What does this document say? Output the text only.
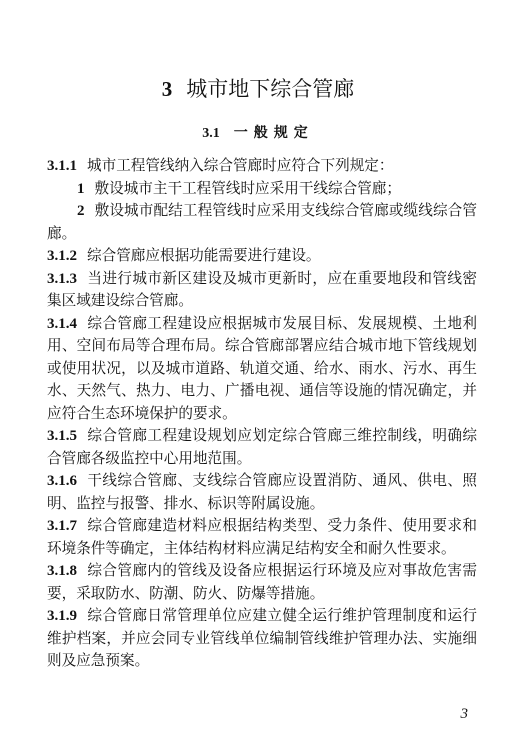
3 城市地下综合管廊
3.1 一般规定

3.1.1 城市工程管线纳入综合管廊时应符合下列规定：

1 敷设城市主干工程管线时应采用干线综合管廊；

2 敷设城市配结工程管线时应采用支线综合管廊或缆线综合管廊。

3.1.2 综合管廊应根据功能需要进行建设。

3.1.3 当进行城市新区建设及城市更新时，应在重要地段和管线密集区域建设综合管廊。

3.1.4 综合管廊工程建设应根据城市发展目标、发展规模、土地利用、空间布局等合理布局。综合管廊部署应结合城市地下管线规划或使用状况，以及城市道路、轨道交通、给水、雨水、污水、再生水、天然气、热力、电力、广播电视、通信等设施的情况确定，并应符合生态环境保护的要求。

3.1.5 综合管廊工程建设规划应划定综合管廊三维控制线，明确综合管廊各级监控中心用地范围。

3.1.6 干线综合管廊、支线综合管廊应设置消防、通风、供电、照明、监控与报警、排水、标识等附属设施。

3.1.7 综合管廊建造材料应根据结构类型、受力条件、使用要求和环境条件等确定，主体结构材料应满足结构安全和耐久性要求。

3.1.8 综合管廊内的管线及设备应根据运行环境及应对事故危害需要，采取防水、防潮、防火、防爆等措施。

3.1.9 综合管廊日常管理单位应建立健全运行维护管理制度和运行维护档案，并应会同专业管线单位编制管线维护管理办法、实施细则及应急预案。

3
